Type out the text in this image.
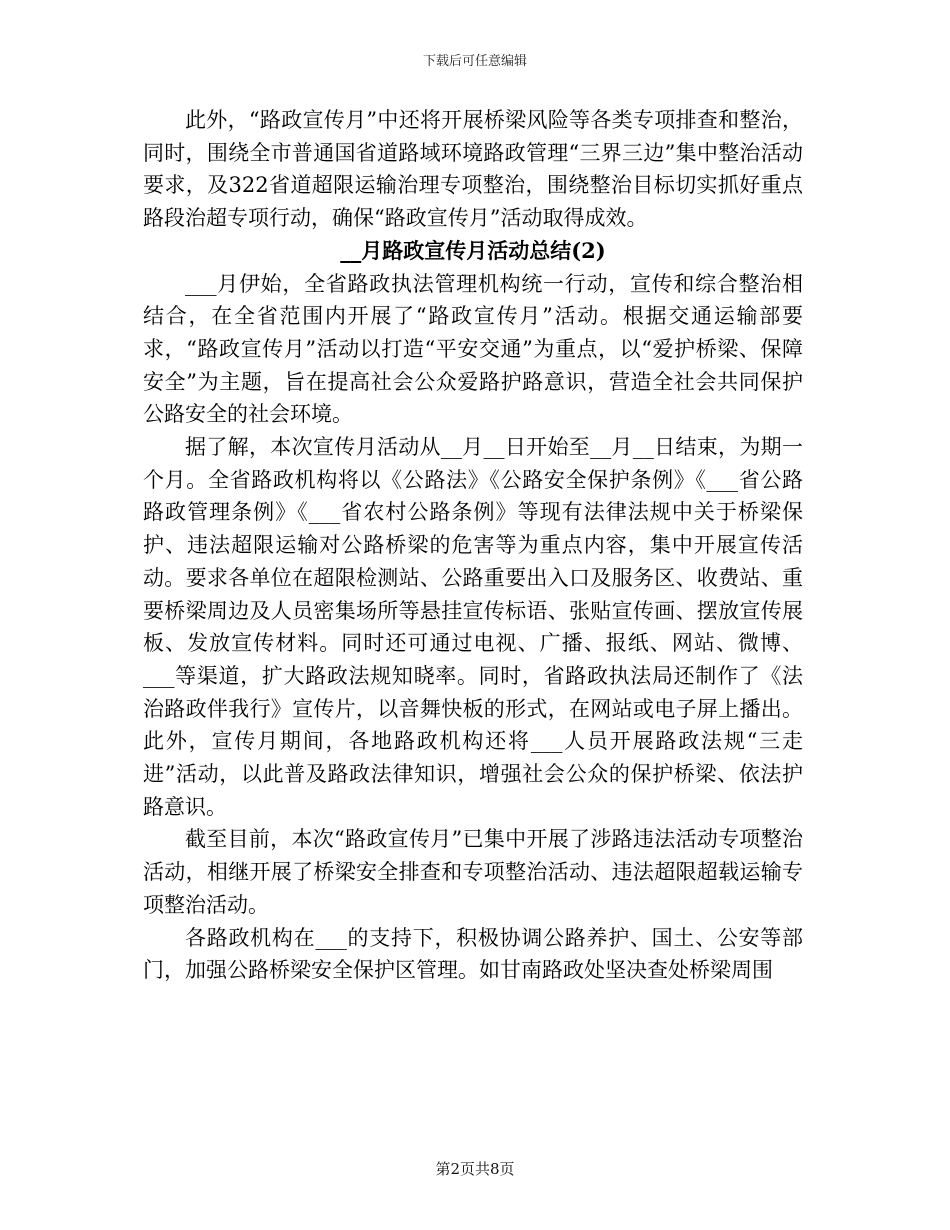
下载后可任意编辑

此外，“路政宣传月”中还将开展桥梁风险等各类专项排查和整治，同时，围绕全市普通国省道路域环境路政管理“三界三边”集中整治活动要求，及322省道超限运输治理专项整治，围绕整治目标切实抓好重点路段治超专项行动，确保“路政宣传月”活动取得成效。

__月路政宣传月活动总结(2)

___月伊始，全省路政执法管理机构统一行动，宣传和综合整治相结合，在全省范围内开展了“路政宣传月”活动。根据交通运输部要求，“路政宣传月”活动以打造“平安交通”为重点，以“爱护桥梁、保障安全”为主题，旨在提高社会公众爱路护路意识，营造全社会共同保护公路安全的社会环境。

据了解，本次宣传月活动从__月__日开始至__月__日结束，为期一个月。全省路政机构将以《公路法》《公路安全保护条例》《___省公路路政管理条例》《___省农村公路条例》等现有法律法规中关于桥梁保护、违法超限运输对公路桥梁的危害等为重点内容，集中开展宣传活动。要求各单位在超限检测站、公路重要出入口及服务区、收费站、重要桥梁周边及人员密集场所等悬挂宣传标语、张贴宣传画、摆放宣传展板、发放宣传材料。同时还可通过电视、广播、报纸、网站、微博、___等渠道，扩大路政法规知晓率。同时，省路政执法局还制作了《法治路政伴我行》宣传片，以音舞快板的形式，在网站或电子屏上播出。此外，宣传月期间，各地路政机构还将___人员开展路政法规“三走进”活动，以此普及路政法律知识，增强社会公众的保护桥梁、依法护路意识。

截至目前，本次“路政宣传月”已集中开展了涉路违法活动专项整治活动，相继开展了桥梁安全排查和专项整治活动、违法超限超载运输专项整治活动。

各路政机构在___的支持下，积极协调公路养护、国土、公安等部门，加强公路桥梁安全保护区管理。如甘南路政处坚决查处桥梁周围

第2页共8页
